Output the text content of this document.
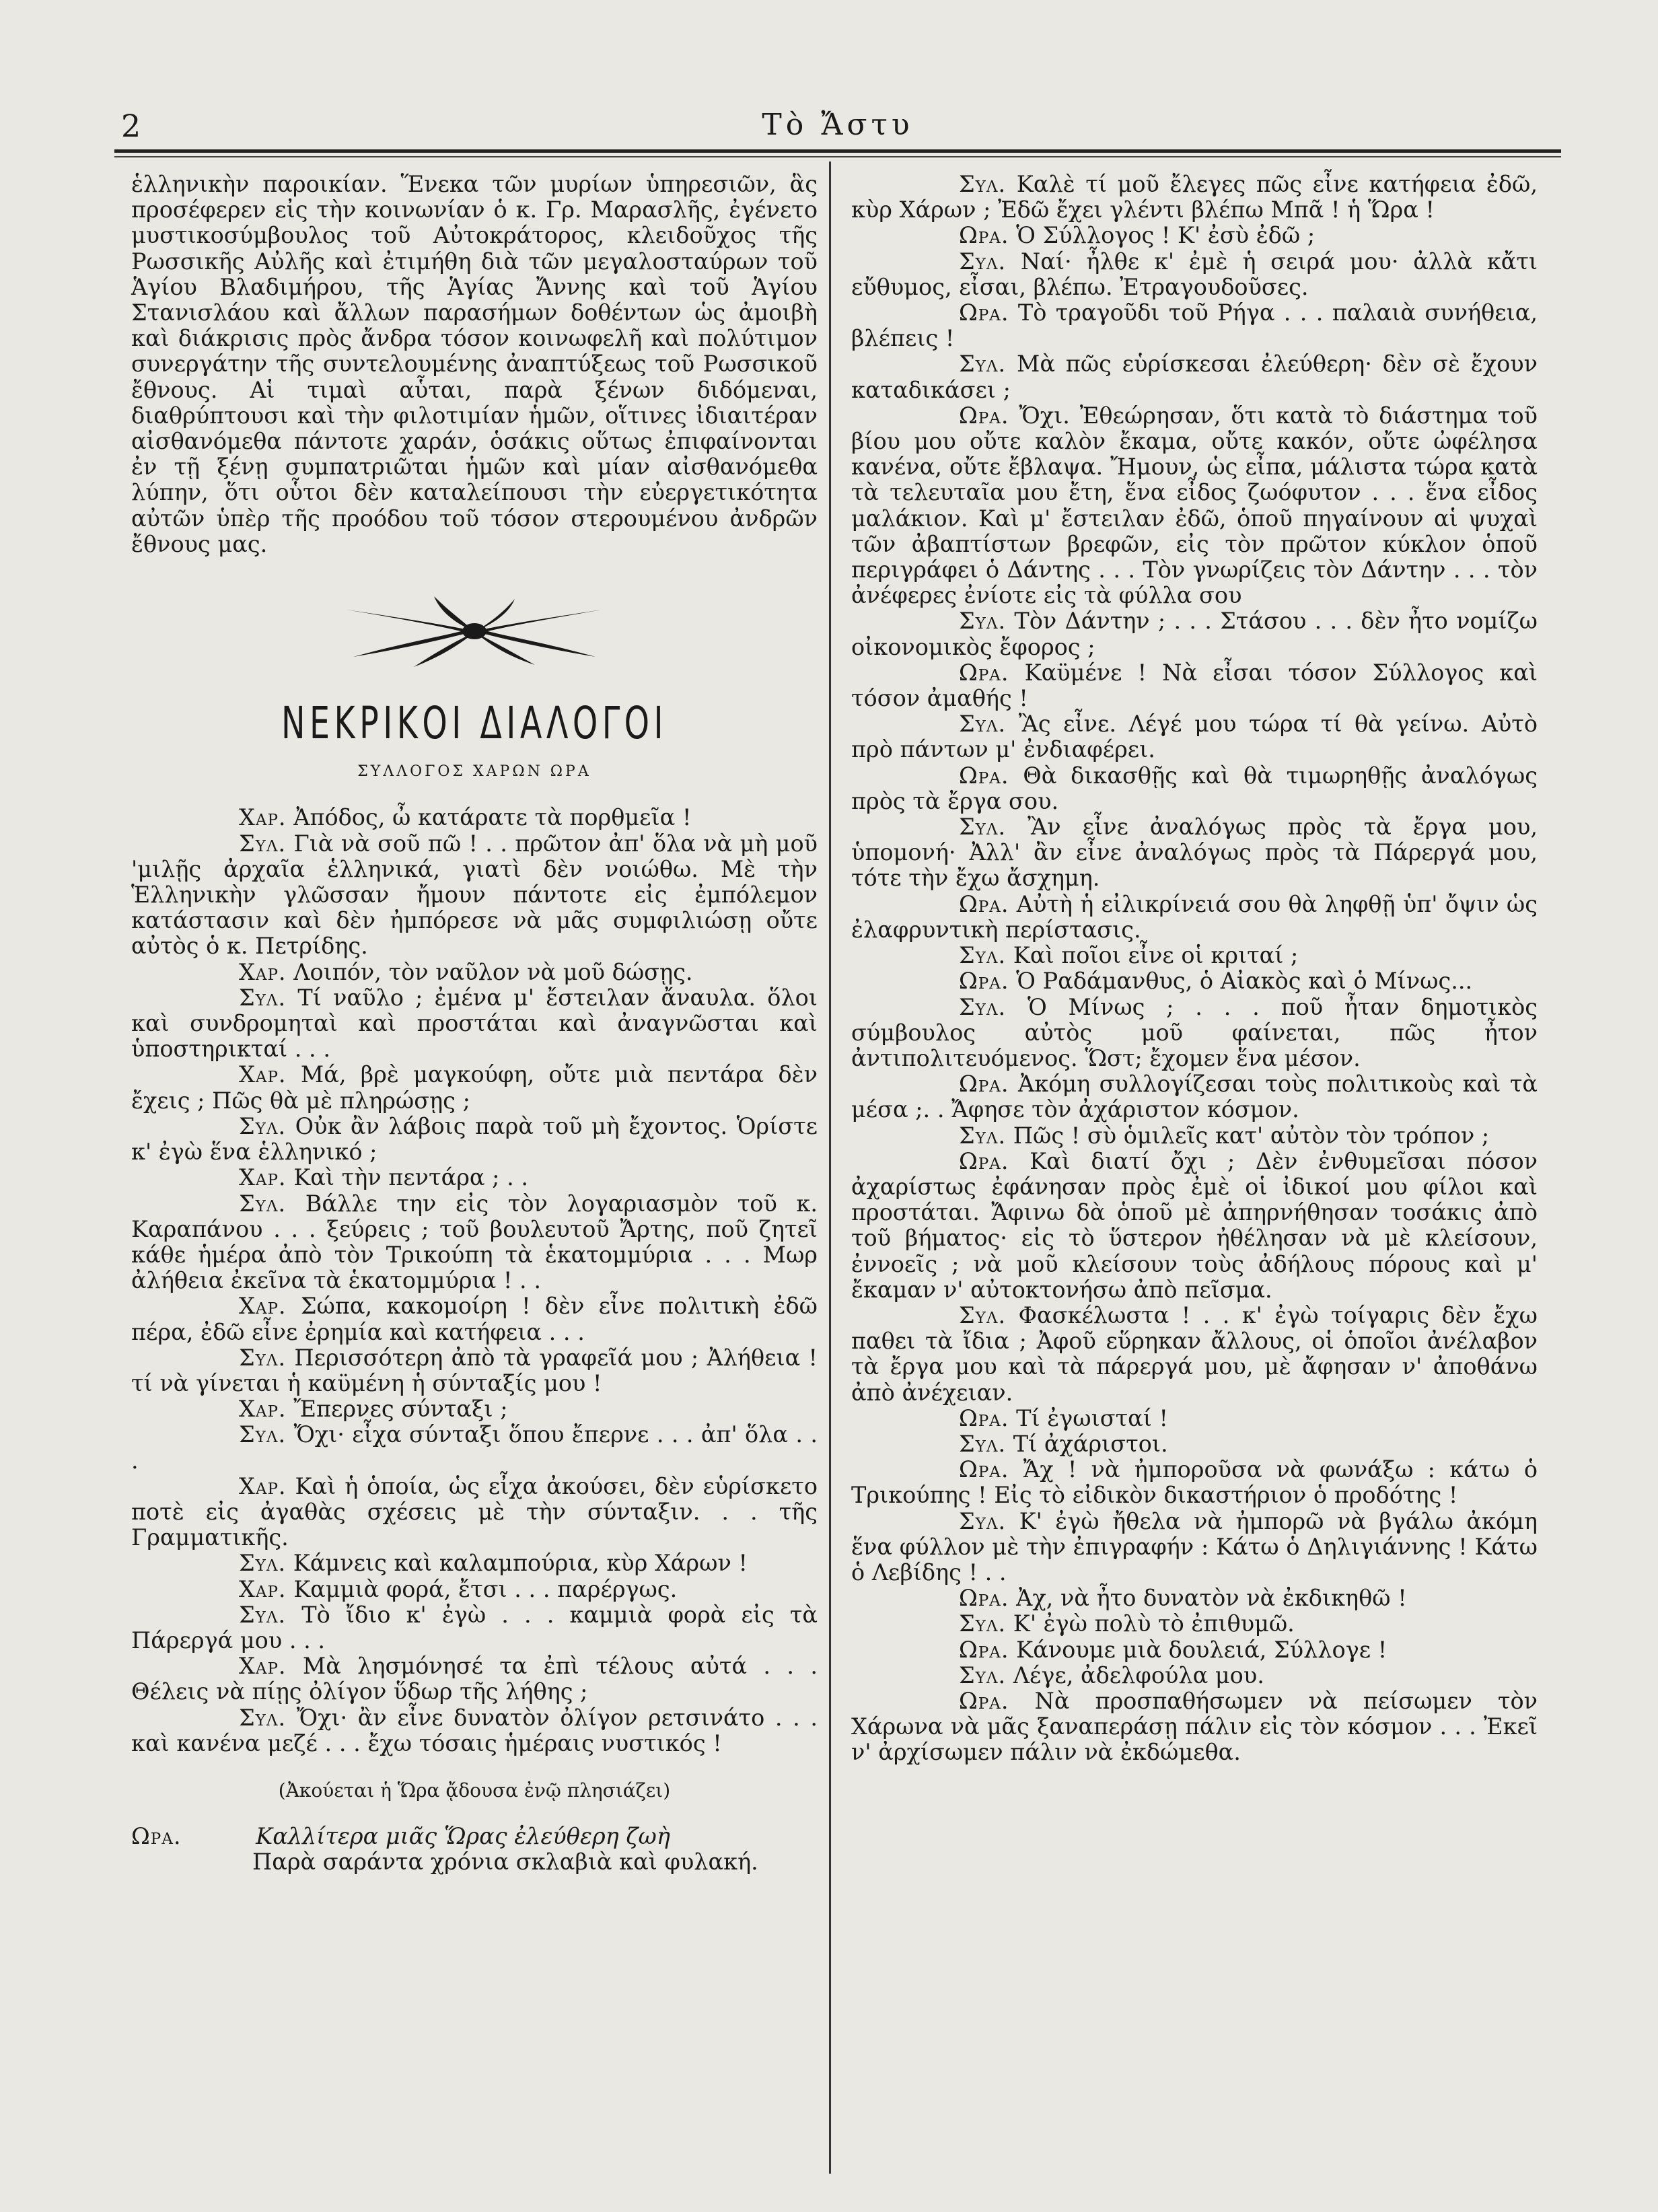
2	Τὸ Ἄστυ

ἑλληνικὴν παροικίαν. Ἕνεκα τῶν μυρίων ὑπηρεσιῶν, ἃς προσέφερεν εἰς τὴν κοινωνίαν ὁ κ. Γρ. Μαρασλῆς, ἐγένετο μυστικοσύμβουλος τοῦ Αὐτοκράτορος, κλειδοῦχος τῆς Ρωσσικῆς Αὐλῆς καὶ ἐτιμήθη διὰ τῶν μεγαλοσταύρων τοῦ Ἁγίου Βλαδιμήρου, τῆς Ἁγίας Ἄννης καὶ τοῦ Ἁγίου Στανισλάου καὶ ἄλλων παρασήμων δοθέντων ὡς ἀμοιβὴ καὶ διάκρισις πρὸς ἄνδρα τόσον κοινωφελῆ καὶ πολύτιμον συνεργάτην τῆς συντελουμένης ἀναπτύξεως τοῦ Ρωσσικοῦ ἔθνους. Αἱ τιμαὶ αὗται, παρὰ ξένων διδόμεναι, διαθρύπτουσι καὶ τὴν φιλοτιμίαν ἡμῶν, οἵτινες ἰδιαιτέραν αἰσθανόμεθα πάντοτε χαράν, ὁσάκις οὕτως ἐπιφαίνονται ἐν τῇ ξένῃ συμπατριῶται ἡμῶν καὶ μίαν αἰσθανόμεθα λύπην, ὅτι οὗτοι δὲν καταλείπουσι τὴν εὐεργετικότητα αὐτῶν ὑπὲρ τῆς προόδου τοῦ τόσον στερουμένου ἀνδρῶν ἔθνους μας.

ΝΕΚΡΙΚΟΙ ΔΙΑΛΟΓΟΙ
ΣΥΛΛΟΓΟΣ ΧΑΡΩΝ ΩΡΑ

Χαρ. Ἀπόδος, ὦ κατάρατε τὰ πορθμεῖα !

Συλ. Γιὰ νὰ σοῦ πῶ ! . . πρῶτον ἀπ' ὅλα νὰ μὴ μοῦ 'μιλῇς ἀρχαῖα ἑλληνικά, γιατὶ δὲν νοιώθω. Μὲ τὴν Ἑλληνικὴν γλῶσσαν ἤμουν πάντοτε εἰς ἐμπόλεμον κατάστασιν καὶ δὲν ἠμπόρεσε νὰ μᾶς συμφιλιώσῃ οὔτε αὐτὸς ὁ κ. Πετρίδης.

Χαρ. Λοιπόν, τὸν ναῦλον νὰ μοῦ δώσῃς.

Συλ. Τί ναῦλο ; ἐμένα μ' ἔστειλαν ἄναυλα. ὅλοι καὶ συνδρομηταὶ καὶ προστάται καὶ ἀναγνῶσται καὶ ὑποστηρικταί . . .

Χαρ. Μά, βρὲ μαγκούφη, οὔτε μιὰ πεντάρα δὲν ἔχεις ; Πῶς θὰ μὲ πληρώσῃς ;

Συλ. Οὐκ ἂν λάβοις παρὰ τοῦ μὴ ἔχοντος. Ὁρίστε κ' ἐγὼ ἕνα ἑλληνικό ;

Χαρ. Καὶ τὴν πεντάρα ; . .

Συλ. Βάλλε την εἰς τὸν λογαριασμὸν τοῦ κ. Καραπάνου . . . ξεύρεις ; τοῦ βουλευτοῦ Ἄρτης, ποῦ ζητεῖ κάθε ἡμέρα ἀπὸ τὸν Τρικούπη τὰ ἑκατομμύρια . . . Μωρ ἀλήθεια ἐκεῖνα τὰ ἑκατομμύρια ! . .

Χαρ. Σώπα, κακομοίρη ! δὲν εἶνε πολιτικὴ ἐδῶ πέρα, ἐδῶ εἶνε ἐρημία καὶ κατήφεια . . .

Συλ. Περισσότερη ἀπὸ τὰ γραφεῖά μου ; Ἀλήθεια ! τί νὰ γίνεται ἡ καϋμένη ἡ σύνταξίς μου !

Χαρ. Ἔπερνες σύνταξι ;

Συλ. Ὄχι· εἶχα σύνταξι ὅπου ἔπερνε . . . ἀπ' ὅλα . . .

Χαρ. Καὶ ἡ ὁποία, ὡς εἶχα ἀκούσει, δὲν εὑρίσκετο ποτὲ εἰς ἀγαθὰς σχέσεις μὲ τὴν σύνταξιν. . . τῆς Γραμματικῆς.

Συλ. Κάμνεις καὶ καλαμπούρια, κὺρ Χάρων !

Χαρ. Καμμιὰ φορά, ἔτσι . . . παρέργως.

Συλ. Τὸ ἴδιο κ' ἐγὼ . . . καμμιὰ φορὰ εἰς τὰ Πάρεργά μου . . .

Χαρ. Μὰ λησμόνησέ τα ἐπὶ τέλους αὐτά . . . Θέλεις νὰ πίῃς ὀλίγον ὕδωρ τῆς λήθης ;

Συλ. Ὄχι· ἂν εἶνε δυνατὸν ὀλίγον ρετσινάτο . . . καὶ κανένα μεζέ . . . ἔχω τόσαις ἡμέραις νυστικός !

(Ἀκούεται ἡ Ὥρα ᾄδουσα ἐνῷ πλησιάζει)
Ωρα.	Καλλίτερα μιᾶς Ὥρας ἐλεύθερη ζωὴ
Παρὰ σαράντα χρόνια σκλαβιὰ καὶ φυλακή.

Συλ. Καλὲ τί μοῦ ἔλεγες πῶς εἶνε κατήφεια ἐδῶ, κὺρ Χάρων ; Ἐδῶ ἔχει γλέντι βλέπω Μπᾶ ! ἡ Ὥρα !

Ωρα. Ὁ Σύλλογος ! Κ' ἐσὺ ἐδῶ ;

Συλ. Ναί· ἦλθε κ' ἐμὲ ἡ σειρά μου· ἀλλὰ κἄτι εὔθυμος, εἶσαι, βλέπω. Ἐτραγουδοῦσες.

Ωρα. Τὸ τραγοῦδι τοῦ Ρήγα . . . παλαιὰ συνήθεια, βλέπεις !

Συλ. Μὰ πῶς εὑρίσκεσαι ἐλεύθερη· δὲν σὲ ἔχουν καταδικάσει ;

Ωρα. Ὄχι. Ἐθεώρησαν, ὅτι κατὰ τὸ διάστημα τοῦ βίου μου οὔτε καλὸν ἔκαμα, οὔτε κακόν, οὔτε ὠφέλησα κανένα, οὔτε ἔβλαψα. Ἤμουν, ὡς εἶπα, μάλιστα τώρα κατὰ τὰ τελευταῖα μου ἔτη, ἕνα εἶδος ζωόφυτον . . . ἕνα εἶδος μαλάκιον. Καὶ μ' ἔστειλαν ἐδῶ, ὁποῦ πηγαίνουν αἱ ψυχαὶ τῶν ἀβαπτίστων βρεφῶν, εἰς τὸν πρῶτον κύκλον ὁποῦ περιγράφει ὁ Δάντης . . . Τὸν γνωρίζεις τὸν Δάντην . . . τὸν ἀνέφερες ἐνίοτε εἰς τὰ φύλλα σου

Συλ. Τὸν Δάντην ; . . . Στάσου . . . δὲν ἦτο νομίζω οἰκονομικὸς ἔφορος ;

Ωρα. Καϋμένε ! Νὰ εἶσαι τόσον Σύλλογος καὶ τόσον ἀμαθής !

Συλ. Ἂς εἶνε. Λέγέ μου τώρα τί θὰ γείνω. Αὐτὸ πρὸ πάντων μ' ἐνδιαφέρει.

Ωρα. Θὰ δικασθῇς καὶ θὰ τιμωρηθῇς ἀναλόγως πρὸς τὰ ἔργα σου.

Συλ. Ἂν εἶνε ἀναλόγως πρὸς τὰ ἔργα μου, ὑπομονή· Ἀλλ' ἂν εἶνε ἀναλόγως πρὸς τὰ Πάρεργά μου, τότε τὴν ἔχω ἄσχημη.

Ωρα. Αὐτὴ ἡ εἰλικρίνειά σου θὰ ληφθῇ ὑπ' ὄψιν ὡς ἐλαφρυντικὴ περίστασις.

Συλ. Καὶ ποῖοι εἶνε οἱ κριταί ;

Ωρα. Ὁ Ραδάμανθυς, ὁ Αἰακὸς καὶ ὁ Μίνως...

Συλ. Ὁ Μίνως ; . . . ποῦ ἦταν δημοτικὸς σύμβουλος αὐτὸς μοῦ φαίνεται, πῶς ἦτον ἀντιπολιτευόμενος. Ὥστ; ἔχομεν ἕνα μέσον.

Ωρα. Ἀκόμη συλλογίζεσαι τοὺς πολιτικοὺς καὶ τὰ μέσα ;. . Ἄφησε τὸν ἀχάριστον κόσμον.

Συλ. Πῶς ! σὺ ὁμιλεῖς κατ' αὐτὸν τὸν τρόπον ;

Ωρα. Καὶ διατί ὄχι ; Δὲν ἐνθυμεῖσαι πόσον ἀχαρίστως ἐφάνησαν πρὸς ἐμὲ οἱ ἰδικοί μου φίλοι καὶ προστάται. Ἄφινω δὰ ὁποῦ μὲ ἀπηρνήθησαν τοσάκις ἀπὸ τοῦ βήματος· εἰς τὸ ὕστερον ἠθέλησαν νὰ μὲ κλείσουν, ἐννοεῖς ; νὰ μοῦ κλείσουν τοὺς ἀδήλους πόρους καὶ μ' ἔκαμαν ν' αὐτοκτονήσω ἀπὸ πεῖσμα.

Συλ. Φασκέλωστα ! . . κ' ἐγὼ τοίγαρις δὲν ἔχω παθει τὰ ἴδια ; Ἀφοῦ εὕρηκαν ἄλλους, οἱ ὁποῖοι ἀνέλαβον τὰ ἔργα μου καὶ τὰ πάρεργά μου, μὲ ἄφησαν ν' ἀποθάνω ἀπὸ ἀνέχειαν.

Ωρα. Τί ἐγωισταί !

Συλ. Τί ἀχάριστοι.

Ωρα. Ἄχ ! νὰ ἠμποροῦσα νὰ φωνάξω : κάτω ὁ Τρικούπης ! Εἰς τὸ εἰδικὸν δικαστήριον ὁ προδότης !

Συλ. Κ' ἐγὼ ἤθελα νὰ ἠμπορῶ νὰ βγάλω ἀκόμη ἕνα φύλλον μὲ τὴν ἐπιγραφήν : Κάτω ὁ Δηλιγιάννης ! Κάτω ὁ Λεβίδης ! . .

Ωρα. Ἀχ, νὰ ἦτο δυνατὸν νὰ ἐκδικηθῶ !

Συλ. Κ' ἐγὼ πολὺ τὸ ἐπιθυμῶ.

Ωρα. Κάνουμε μιὰ δουλειά, Σύλλογε !

Συλ. Λέγε, ἀδελφούλα μου.

Ωρα. Νὰ προσπαθήσωμεν νὰ πείσωμεν τὸν Χάρωνα νὰ μᾶς ξαναπεράσῃ πάλιν εἰς τὸν κόσμον . . . Ἐκεῖ ν' ἀρχίσωμεν πάλιν νὰ ἐκδώμεθα.
